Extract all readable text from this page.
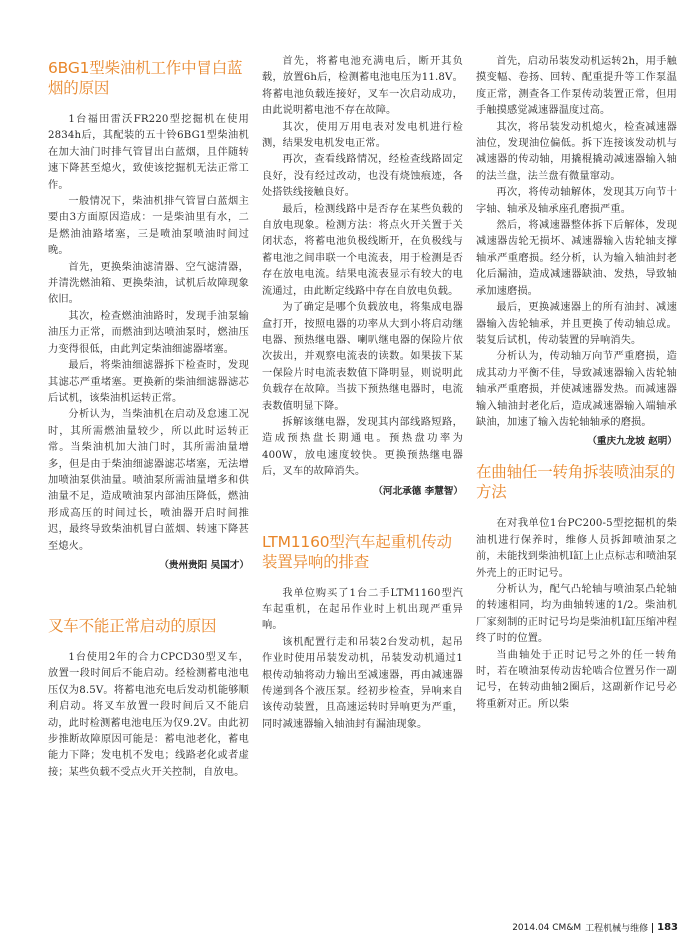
6BG1型柴油机工作中冒白蓝烟的原因

1台福田雷沃FR220型挖掘机在使用2834h后，其配装的五十铃6BG1型柴油机在加大油门时排气管冒出白蓝烟，且伴随转速下降甚至熄火，致使该挖掘机无法正常工作。

一般情况下，柴油机排气管冒白蓝烟主要由3方面原因造成：一是柴油里有水，二是燃油油路堵塞，三是喷油泵喷油时间过晚。

首先，更换柴油滤清器、空气滤清器，并清洗燃油箱、更换柴油，试机后故障现象依旧。

其次，检查燃油油路时，发现手油泵输油压力正常，而燃油到达喷油泵时，燃油压力变得很低，由此判定柴油细滤器堵塞。

最后，将柴油细滤器拆下检查时，发现其滤芯严重堵塞。更换新的柴油细滤器滤芯后试机，该柴油机运转正常。

分析认为，当柴油机在启动及怠速工况时，其所需燃油量较少，所以此时运转正常。当柴油机加大油门时，其所需油量增多，但是由于柴油细滤器滤芯堵塞，无法增加喷油泵供油量。喷油泵所需油量增多和供油量不足，造成喷油泵内部油压降低，燃油形成高压的时间过长，喷油器开启时间推迟，最终导致柴油机冒白蓝烟、转速下降甚至熄火。

（贵州贵阳 吴国才）
叉车不能正常启动的原因

1台使用2年的合力CPCD30型叉车，放置一段时间后不能启动。经检测蓄电池电压仅为8.5V。将蓄电池充电后发动机能够顺利启动。将叉车放置一段时间后又不能启动，此时检测蓄电池电压为仅9.2V。由此初步推断故障原因可能是：蓄电池老化，蓄电能力下降；发电机不发电；线路老化或者虚接；某些负载不受点火开关控制，自放电。

首先，将蓄电池充满电后，断开其负载，放置6h后，检测蓄电池电压为11.8V。将蓄电池负载连接好，叉车一次启动成功，由此说明蓄电池不存在故障。

其次，使用万用电表对发电机进行检测，结果发电机发电正常。

再次，查看线路情况，经检查线路固定良好，没有经过改动，也没有烧蚀痕迹，各处搭铁线接触良好。

最后，检测线路中是否存在某些负载的自放电现象。检测方法：将点火开关置于关闭状态，将蓄电池负极线断开，在负极线与蓄电池之间串联一个电流表，用于检测是否存在放电电流。结果电流表显示有较大的电流通过，由此断定线路中存在自放电负载。

为了确定是哪个负载放电，将集成电器盒打开，按照电器的功率从大到小将启动继电器、预热继电器、喇叭继电器的保险片依次拔出，并观察电流表的读数。如果拔下某一保险片时电流表数值下降明显，则说明此负载存在故障。当拔下预热继电器时，电流表数值明显下降。

拆解该继电器，发现其内部线路短路，造成预热盘长期通电。预热盘功率为400W，放电速度较快。更换预热继电器后，叉车的故障消失。

（河北承德 李慧智）
LTM1160型汽车起重机传动装置异响的排查

我单位购买了1台二手LTM1160型汽车起重机，在起吊作业时上机出现严重异响。

该机配置行走和吊装2台发动机，起吊作业时使用吊装发动机，吊装发动机通过1根传动轴将动力输出至减速器，再由减速器传递到各个液压泵。经初步检查，异响来自该传动装置，且高速运转时异响更为严重，同时减速器输入轴油封有漏油现象。

首先，启动吊装发动机运转2h，用手触摸变幅、卷扬、回转、配重提升等工作泵温度正常，测查各工作泵传动装置正常，但用手触摸感觉减速器温度过高。

其次，将吊装发动机熄火，检查减速器油位，发现油位偏低。拆下连接该发动机与减速器的传动轴，用撬棍撬动减速器输入轴的法兰盘，法兰盘有微量窜动。

再次，将传动轴解体，发现其万向节十字轴、轴承及轴承座孔磨损严重。

然后，将减速器整体拆下后解体，发现减速器齿轮无损坏、减速器输入齿轮轴支撑轴承严重磨损。经分析，认为输入轴油封老化后漏油，造成减速器缺油、发热，导致轴承加速磨损。

最后，更换减速器上的所有油封、减速器输入齿轮轴承，并且更换了传动轴总成。装复后试机，传动装置的异响消失。

分析认为，传动轴万向节严重磨损，造成其动力平衡不佳，导致减速器输入齿轮轴轴承严重磨损，并使减速器发热。而减速器输入轴油封老化后，造成减速器输入端轴承缺油，加速了输入齿轮轴轴承的磨损。

（重庆九龙坡 赵明）
在曲轴任一转角拆装喷油泵的方法

在对我单位1台PC200-5型挖掘机的柴油机进行保养时，维修人员拆卸喷油泵之前，未能找到柴油机Ⅰ缸上止点标志和喷油泵外壳上的正时记号。

分析认为，配气凸轮轴与喷油泵凸轮轴的转速相同，均为曲轴转速的1/2。柴油机厂家刻制的正时记号均是柴油机Ⅰ缸压缩冲程终了时的位置。

当曲轴处于正时记号之外的任一转角时，若在喷油泵传动齿轮啮合位置另作一副记号，在转动曲轴2圈后，这副新作记号必将重新对正。所以柴

2014.04 CM&M 工程机械与维修 183
